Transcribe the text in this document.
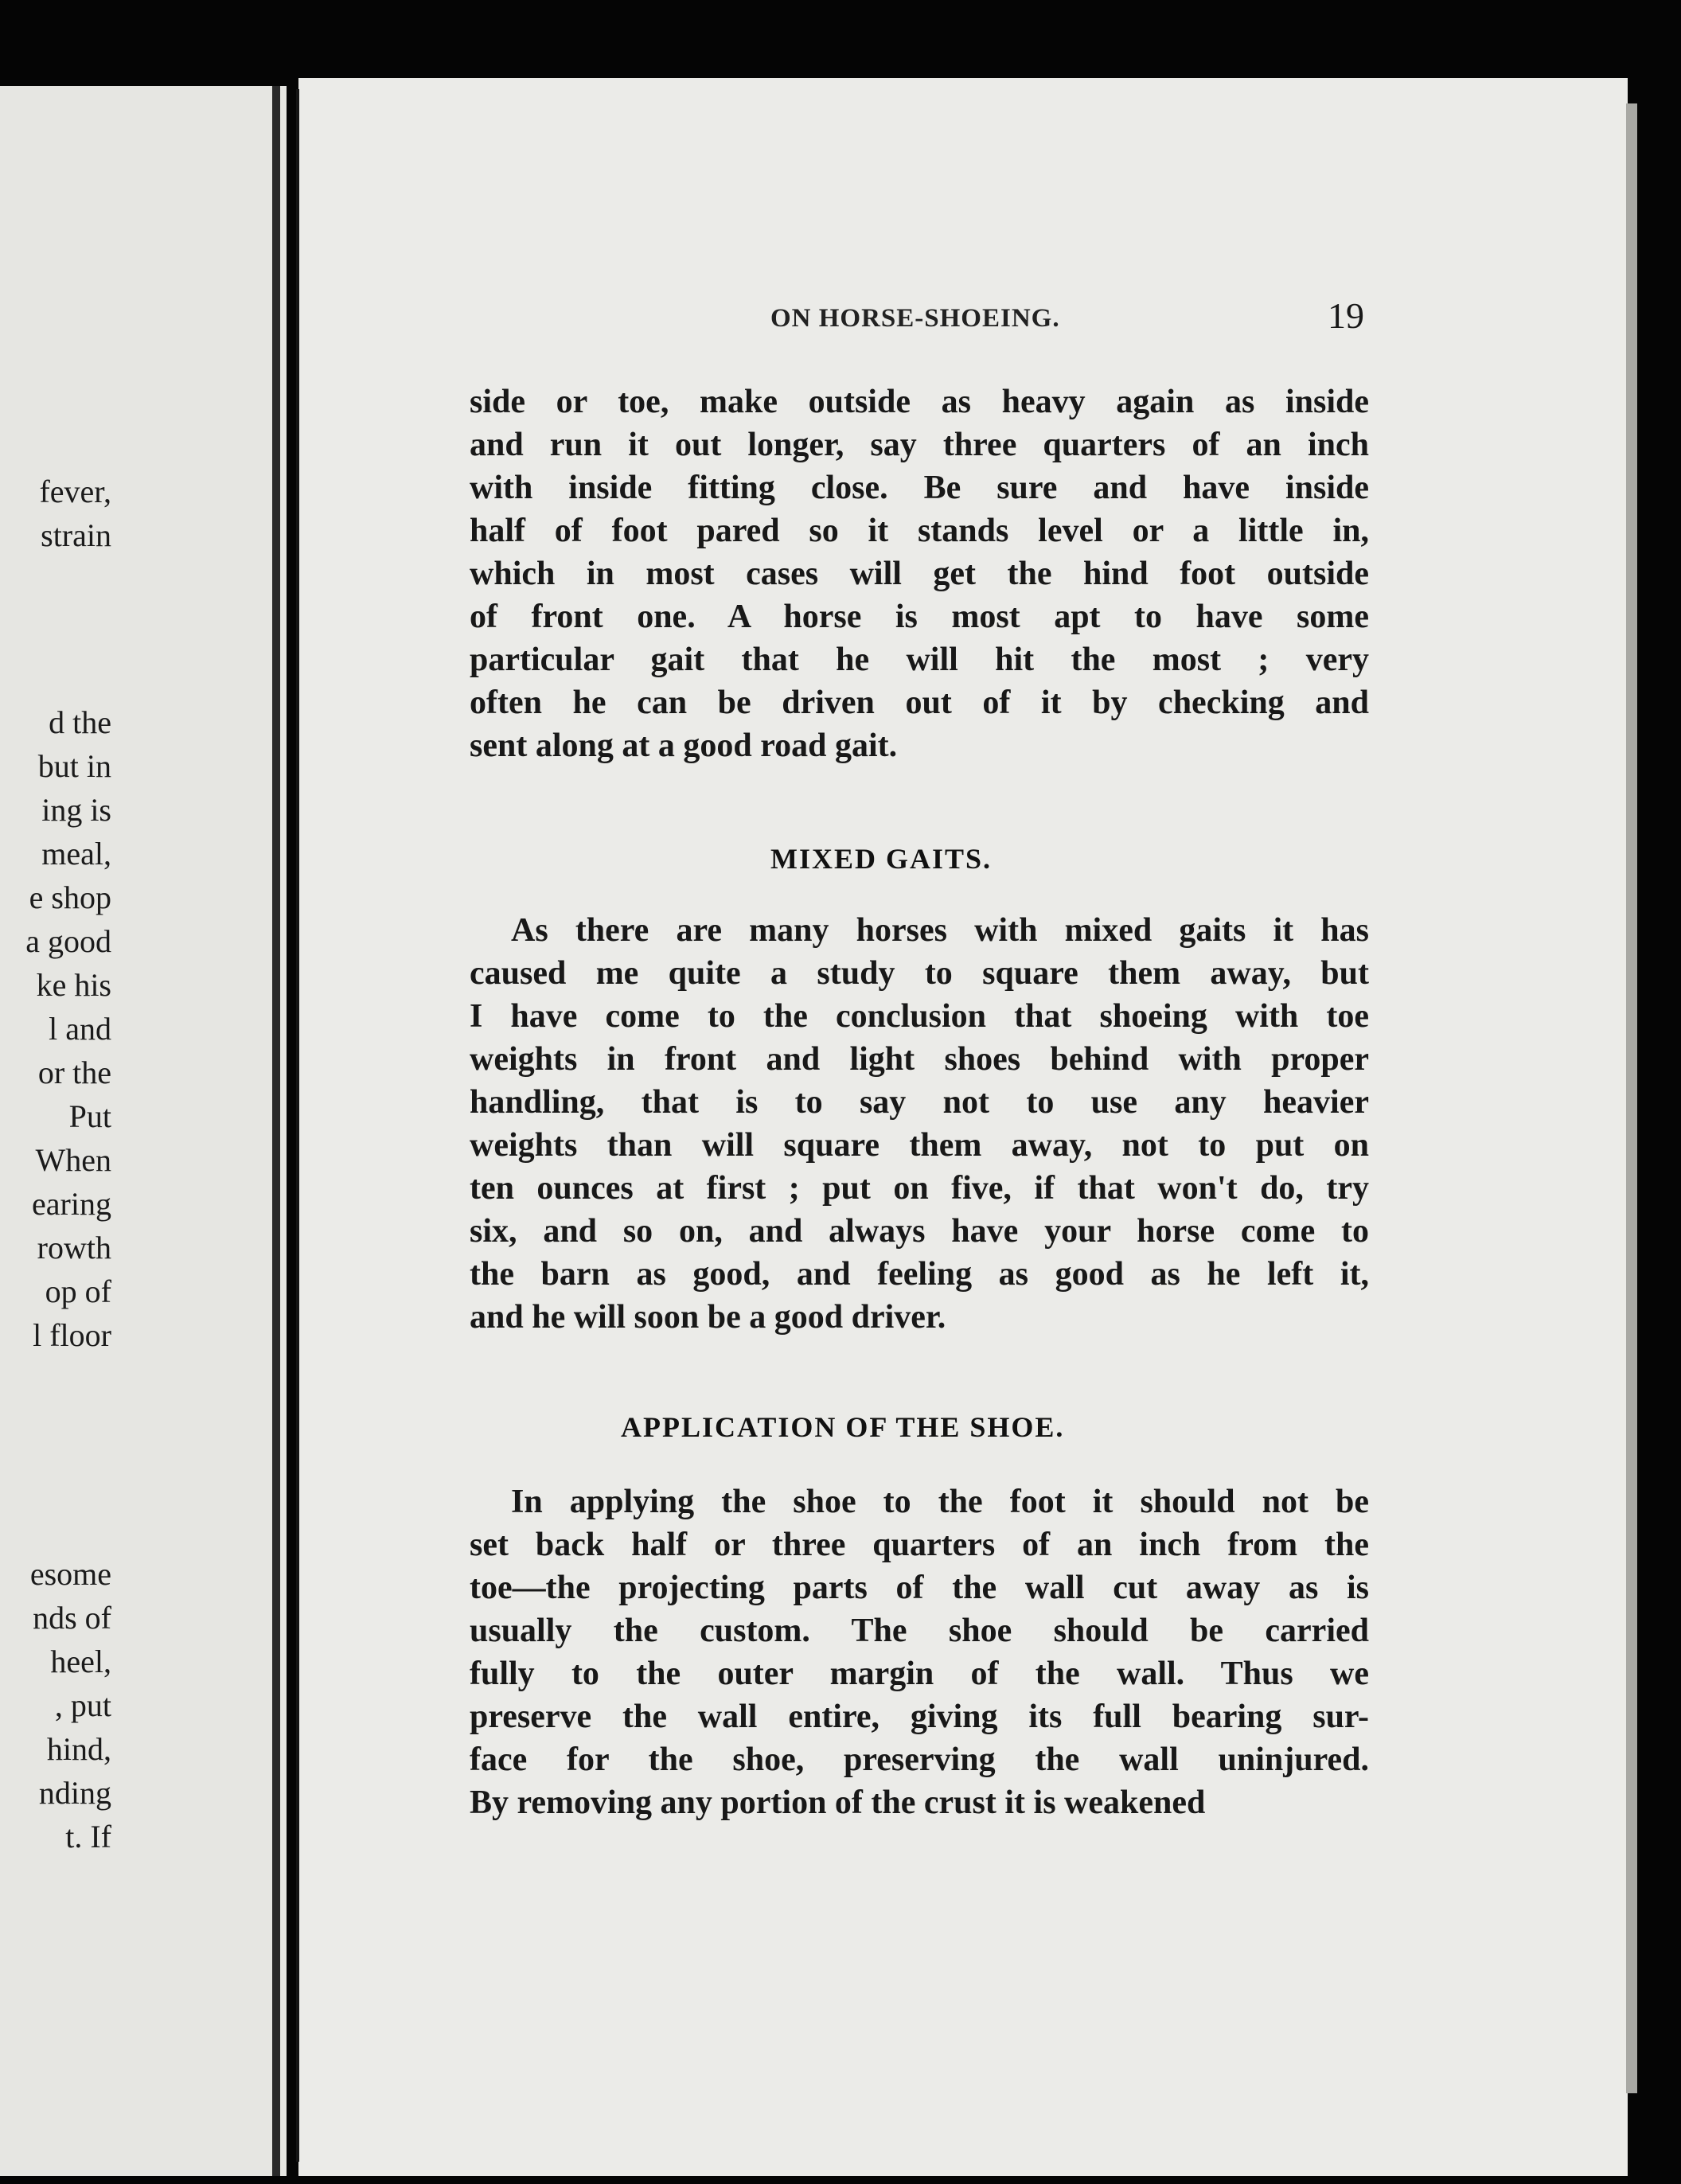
fever,
strain
d the
but in
ing is
meal,
e shop
a good
ke his
l and
or the
Put
When
earing
rowth
op of
l floor
esome
nds of
heel,
, put
hind,
nding
t. If
ON HORSE-SHOEING.	19
side or toe, make outside as heavy again as inside
and run it out longer, say three quarters of an inch
with inside fitting close. Be sure and have inside
half of foot pared so it stands level or a little in,
which in most cases will get the hind foot outside
of front one. A horse is most apt to have some
particular gait that he will hit the most ; very
often he can be driven out of it by checking and
sent along at a good road gait.
MIXED GAITS.
As there are many horses with mixed gaits it has
caused me quite a study to square them away, but
I have come to the conclusion that shoeing with toe
weights in front and light shoes behind with proper
handling, that is to say not to use any heavier
weights than will square them away, not to put on
ten ounces at first ; put on five, if that won't do, try
six, and so on, and always have your horse come to
the barn as good, and feeling as good as he left it,
and he will soon be a good driver.
APPLICATION OF THE SHOE.
In applying the shoe to the foot it should not be
set back half or three quarters of an inch from the
toe—the projecting parts of the wall cut away as is
usually the custom. The shoe should be carried
fully to the outer margin of the wall. Thus we
preserve the wall entire, giving its full bearing sur-
face for the shoe, preserving the wall uninjured.
By removing any portion of the crust it is weakened
